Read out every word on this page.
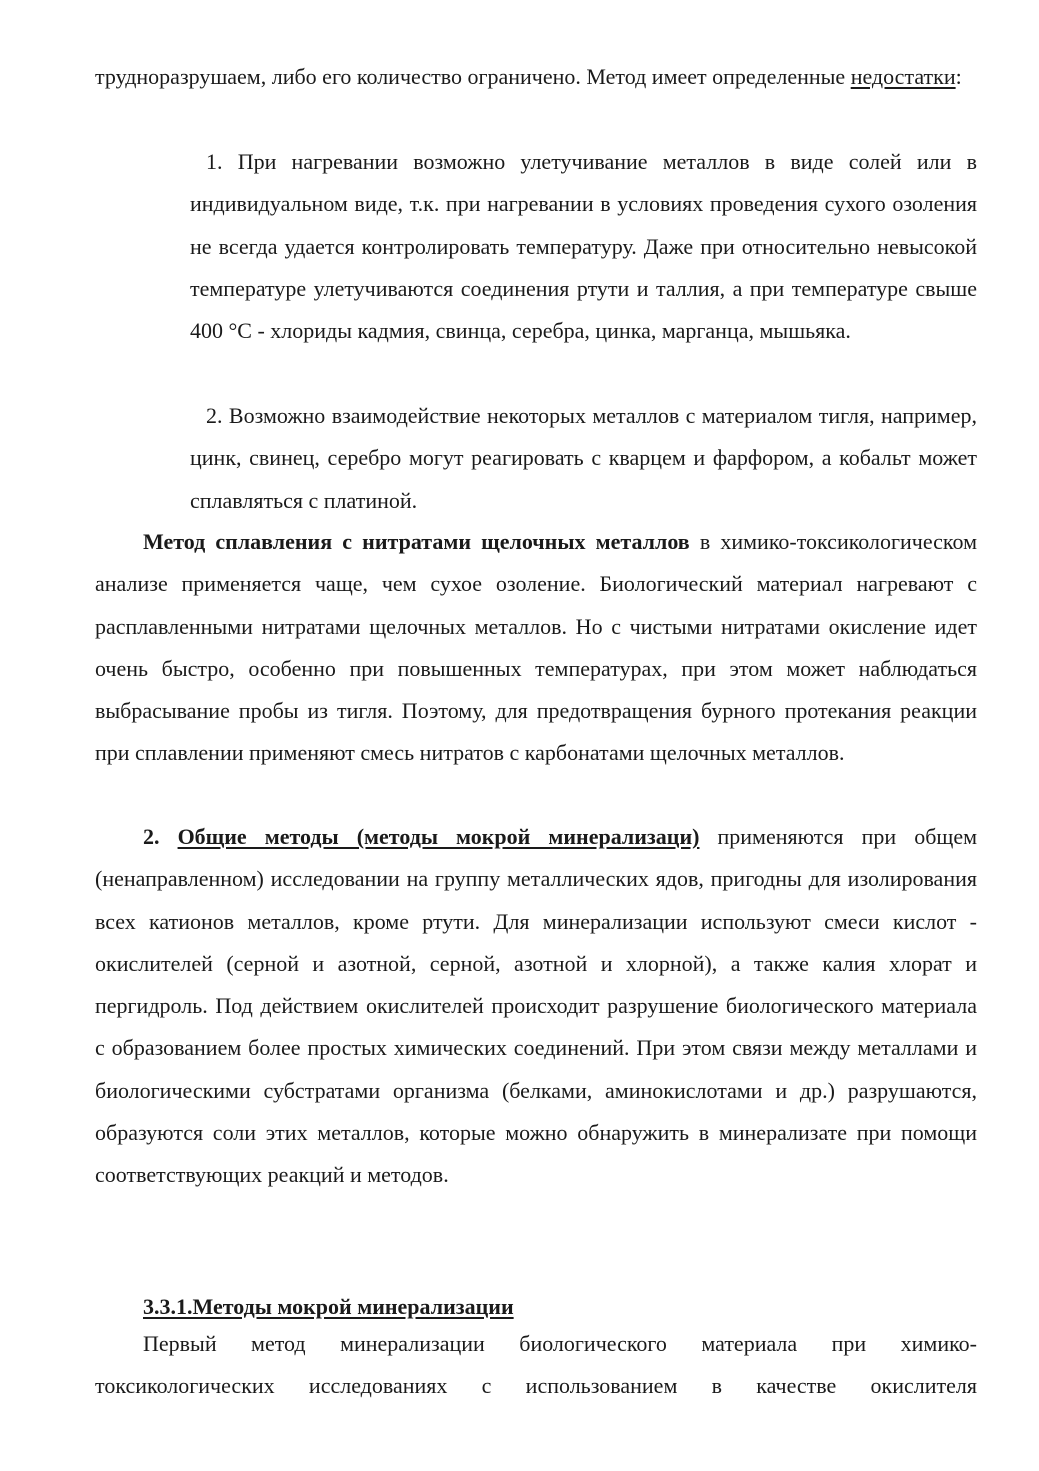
трудноразрушаем, либо его количество ограничено. Метод имеет определенные недостатки:
1. При нагревании возможно улетучивание металлов в виде солей или в индивидуальном виде, т.к. при нагревании в условиях проведения сухого озоления не всегда удается контролировать температуру. Даже при относительно невысокой температуре улетучиваются соединения ртути и таллия, а при температуре свыше 400 °С - хлориды кадмия, свинца, серебра, цинка, марганца, мышьяка.
2. Возможно взаимодействие некоторых металлов с материалом тигля, например, цинк, свинец, серебро могут реагировать с кварцем и фарфором, а кобальт может сплавляться с платиной.
Метод сплавления с нитратами щелочных металлов в химико-токсикологическом анализе применяется чаще, чем сухое озоление. Биологический материал нагревают с расплавленными нитратами щелочных металлов. Но с чистыми нитратами окисление идет очень быстро, особенно при повышенных температурах, при этом может наблюдаться выбрасывание пробы из тигля. Поэтому, для предотвращения бурного протекания реакции при сплавлении применяют смесь нитратов с карбонатами щелочных металлов.
2. Общие методы (методы мокрой минерализаци) применяются при общем (ненаправленном) исследовании на группу металлических ядов, пригодны для изолирования всех катионов металлов, кроме ртути. Для минерализации используют смеси кислот - окислителей (серной и азотной, серной, азотной и хлорной), а также калия хлорат и пергидроль. Под действием окислителей происходит разрушение биологического материала с образованием более простых химических соединений. При этом связи между металлами и биологическими субстратами организма (белками, аминокислотами и др.) разрушаются, образуются соли этих металлов, которые можно обнаружить в минерализате при помощи соответствующих реакций и методов.
3.3.1.Методы мокрой минерализации
Первый метод минерализации биологического материала при химико-токсикологических исследованиях с использованием в качестве окислителя
